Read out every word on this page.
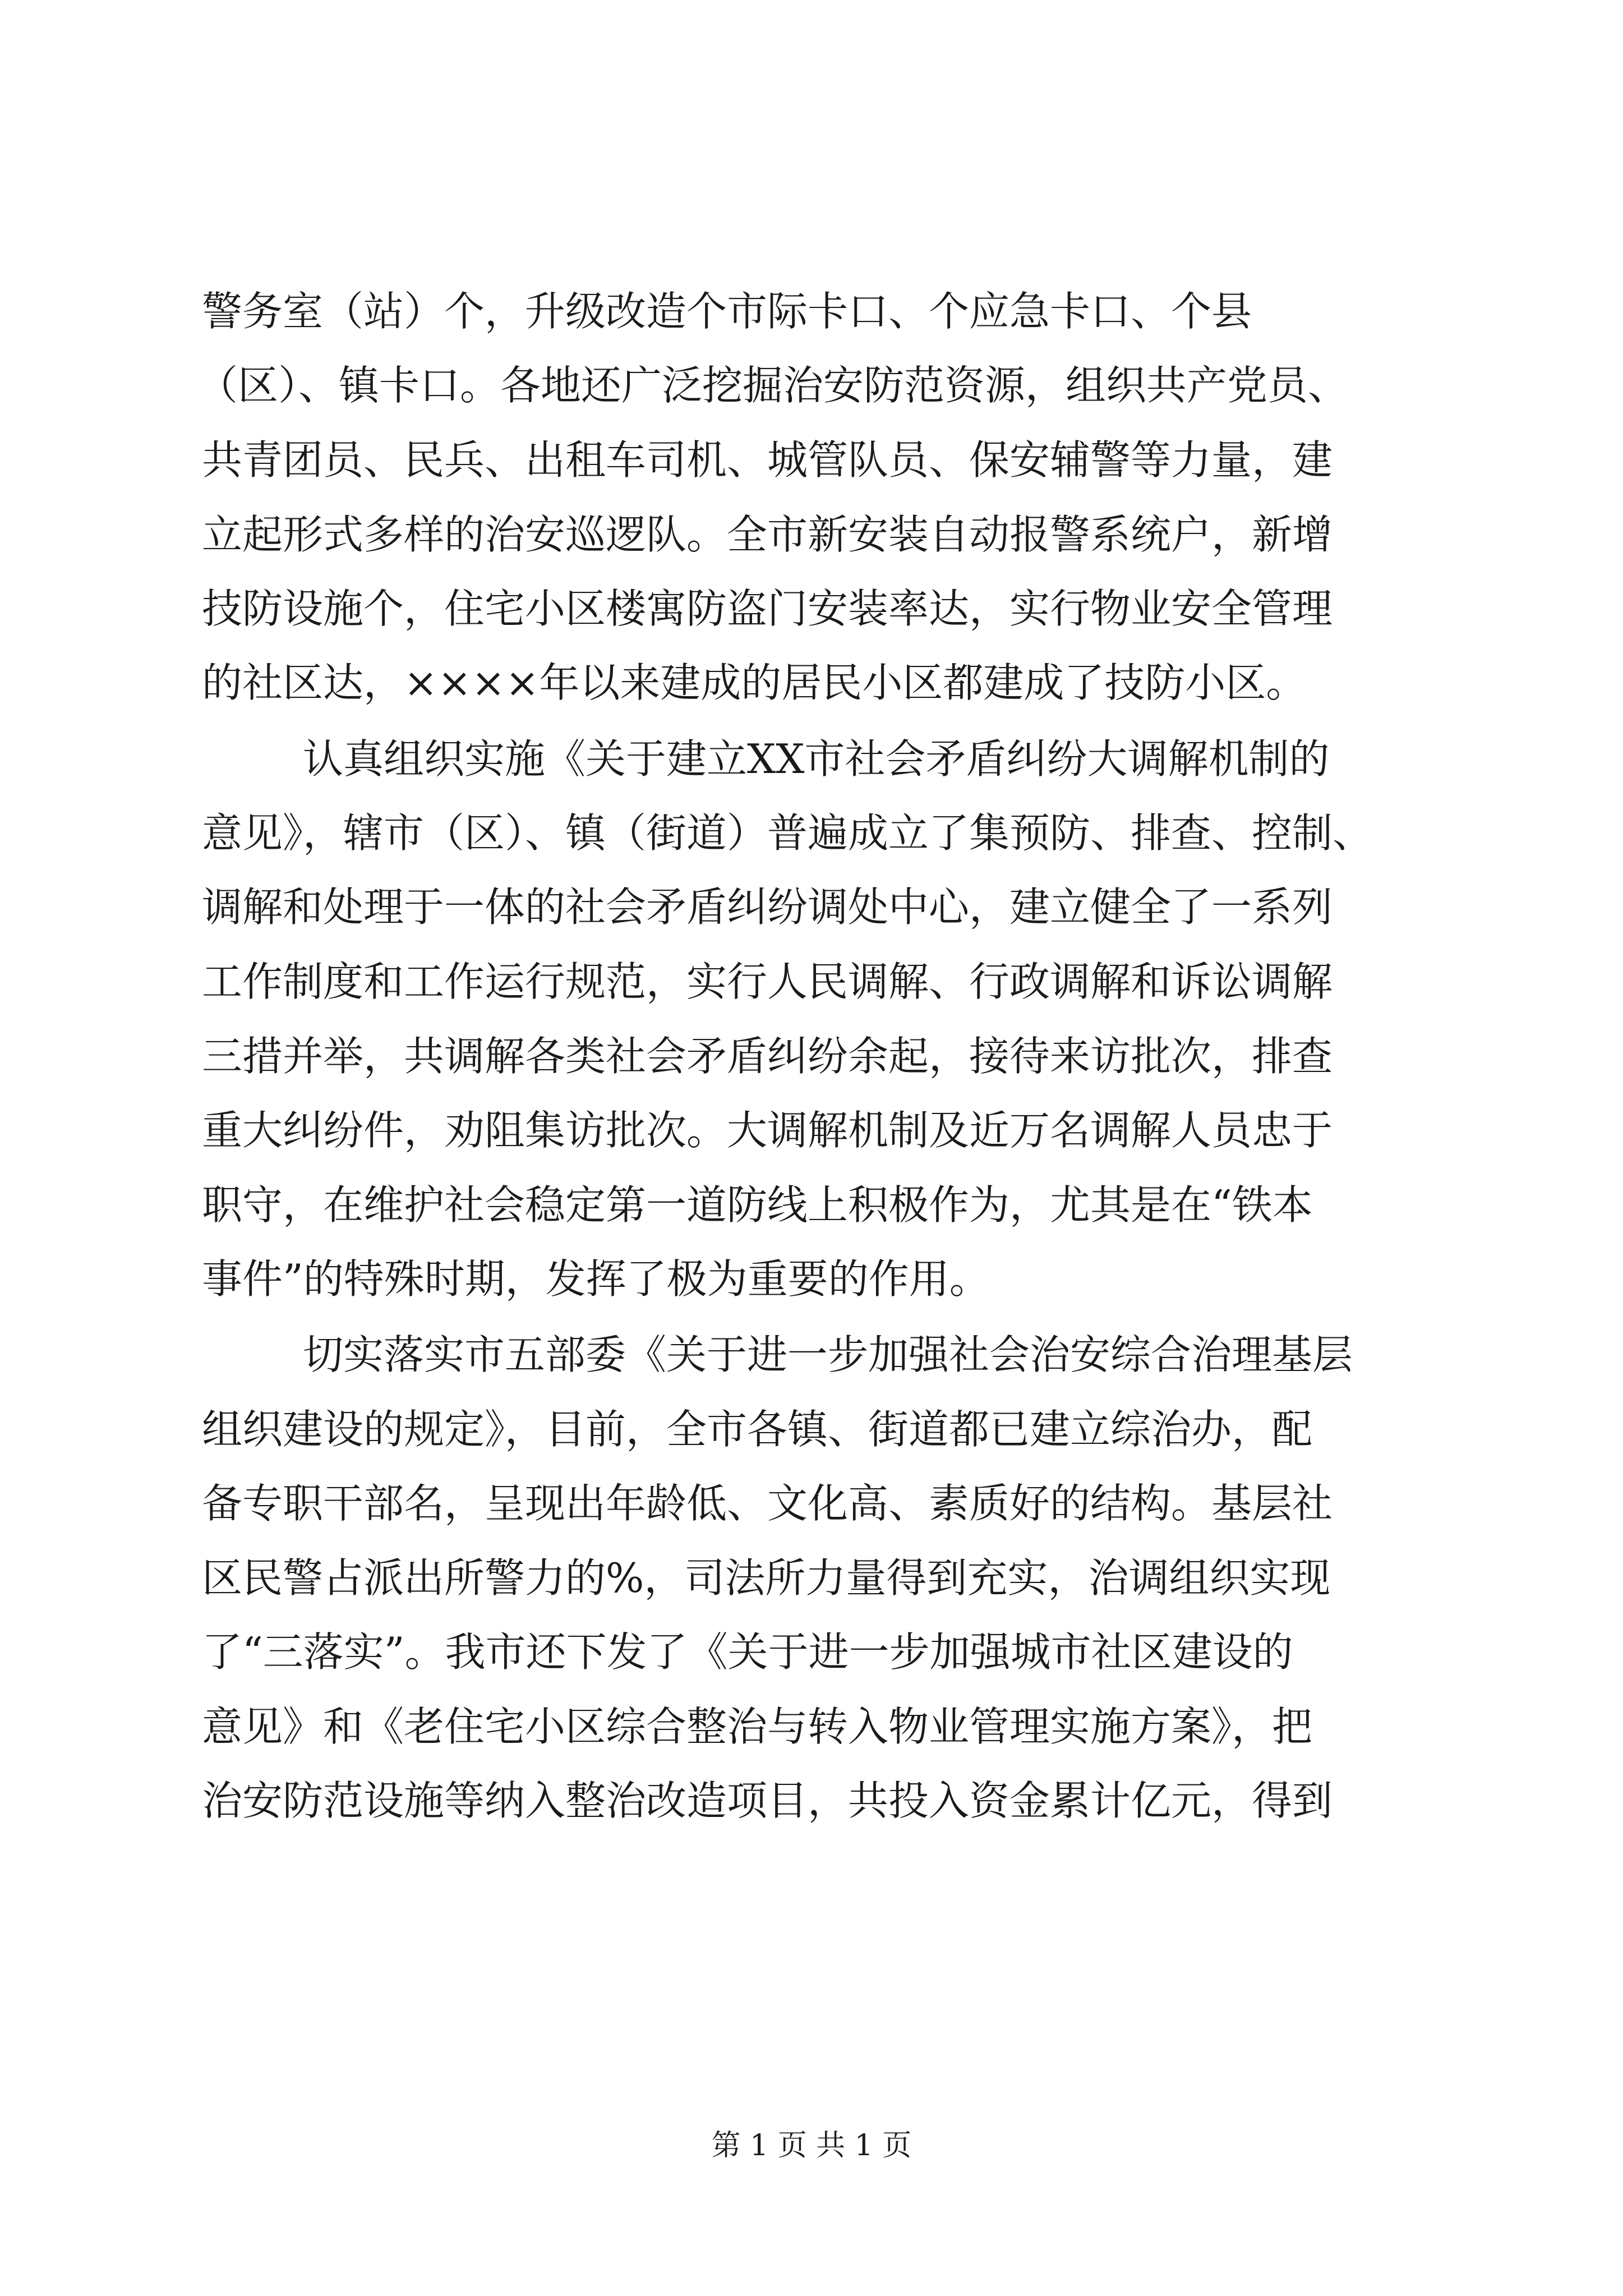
警务室（站）个，升级改造个市际卡口、个应急卡口、个县
（区）、镇卡口。各地还广泛挖掘治安防范资源，组织共产党员、
共青团员、民兵、出租车司机、城管队员、保安辅警等力量，建
立起形式多样的治安巡逻队。全市新安装自动报警系统户，新增
技防设施个，住宅小区楼寓防盗门安装率达，实行物业安全管理
的社区达，××××年以来建成的居民小区都建成了技防小区。
认真组织实施《关于建立XX市社会矛盾纠纷大调解机制的
意见》，辖市（区）、镇（街道）普遍成立了集预防、排查、控制、
调解和处理于一体的社会矛盾纠纷调处中心，建立健全了一系列
工作制度和工作运行规范，实行人民调解、行政调解和诉讼调解
三措并举，共调解各类社会矛盾纠纷余起，接待来访批次，排查
重大纠纷件，劝阻集访批次。大调解机制及近万名调解人员忠于
职守，在维护社会稳定第一道防线上积极作为，尤其是在“铁本
事件”的特殊时期，发挥了极为重要的作用。
切实落实市五部委《关于进一步加强社会治安综合治理基层
组织建设的规定》，目前，全市各镇、街道都已建立综治办，配
备专职干部名，呈现出年龄低、文化高、素质好的结构。基层社
区民警占派出所警力的%，司法所力量得到充实，治调组织实现
了“三落实”。我市还下发了《关于进一步加强城市社区建设的
意见》和《老住宅小区综合整治与转入物业管理实施方案》，把
治安防范设施等纳入整治改造项目，共投入资金累计亿元，得到
第 1 页 共 1 页
